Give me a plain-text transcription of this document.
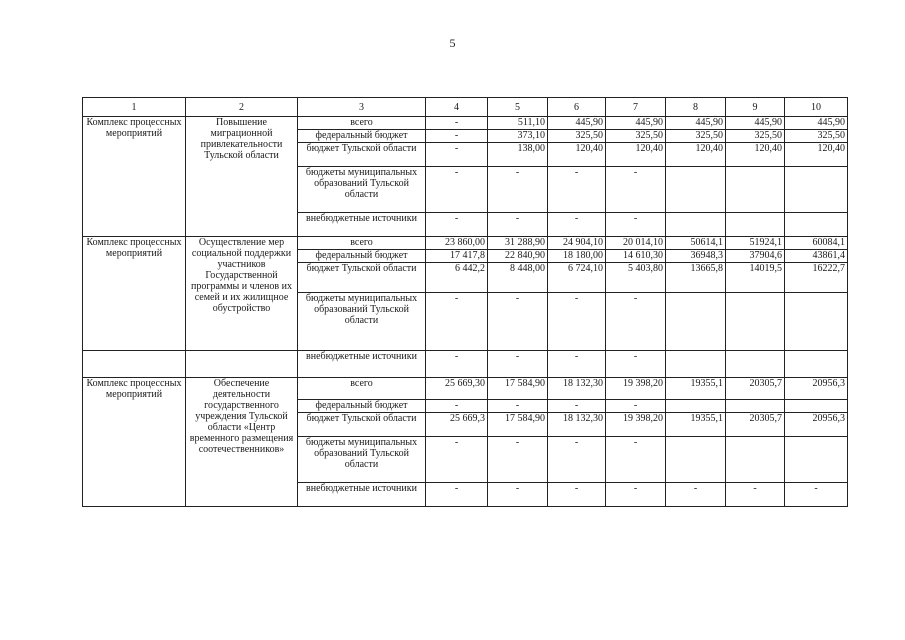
5
1	2	3	4	5	6	7	8	9	10
Комплекс процессных мероприятий	Повышение миграционной привлекательности Тульской области	всего	-	511,10	445,90	445,90	445,90	445,90	445,90
		федеральный бюджет	-	373,10	325,50	325,50	325,50	325,50	325,50
		бюджет Тульской области	-	138,00	120,40	120,40	120,40	120,40	120,40
		бюджеты муниципальных образований Тульской области	-	-	-	-			
		внебюджетные источники	-	-	-	-			
Комплекс процессных мероприятий	Осуществление мер социальной поддержки участников Государственной программы и членов их семей и их жилищное обустройство	всего	23 860,00	31 288,90	24 904,10	20 014,10	50614,1	51924,1	60084,1
		федеральный бюджет	17 417,8	22 840,90	18 180,00	14 610,30	36948,3	37904,6	43861,4
		бюджет Тульской области	6 442,2	8 448,00	6 724,10	5 403,80	13665,8	14019,5	16222,7
		бюджеты муниципальных образований Тульской области	-	-	-	-			
		внебюджетные источники	-	-	-	-			
Комплекс процессных мероприятий	Обеспечение деятельности государственного учреждения Тульской области «Центр временного размещения соотечественников»	всего	25 669,30	17 584,90	18 132,30	19 398,20	19355,1	20305,7	20956,3
		федеральный бюджет	-	-	-	-			
		бюджет Тульской области	25 669,3	17 584,90	18 132,30	19 398,20	19355,1	20305,7	20956,3
		бюджеты муниципальных образований Тульской области	-	-	-	-			
		внебюджетные источники	-	-	-	-	-	-	-
